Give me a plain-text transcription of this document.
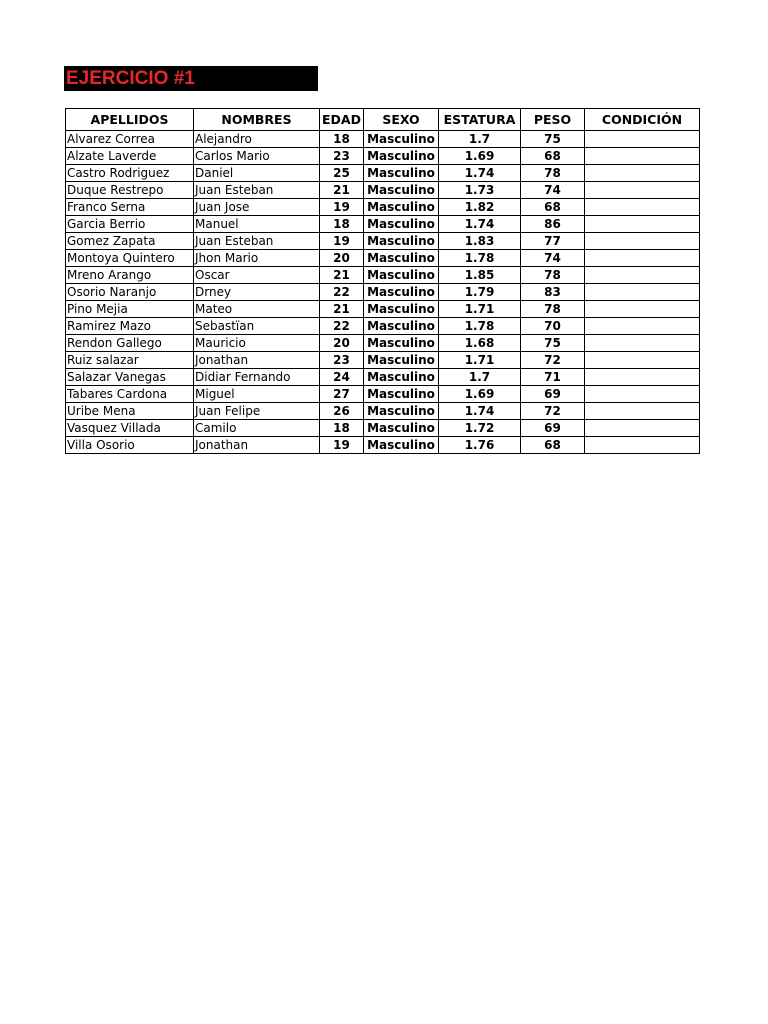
EJERCICIO #1
APELLIDOS	NOMBRES	EDAD	SEXO	ESTATURA	PESO	CONDICIÓN
Alvarez Correa	Alejandro	18	Masculino	1.7	75	
Alzate Laverde	Carlos Mario	23	Masculino	1.69	68	
Castro Rodriguez	Daniel	25	Masculino	1.74	78	
Duque Restrepo	Juan Esteban	21	Masculino	1.73	74	
Franco Serna	Juan Jose	19	Masculino	1.82	68	
Garcia Berrio	Manuel	18	Masculino	1.74	86	
Gomez Zapata	Juan Esteban	19	Masculino	1.83	77	
Montoya Quintero	Jhon Mario	20	Masculino	1.78	74	
Mreno Arango	Oscar	21	Masculino	1.85	78	
Osorio Naranjo	Drney	22	Masculino	1.79	83	
Pino Mejia	Mateo	21	Masculino	1.71	78	
Ramirez Mazo	Sebastïan	22	Masculino	1.78	70	
Rendon Gallego	Mauricio	20	Masculino	1.68	75	
Ruiz salazar	Jonathan	23	Masculino	1.71	72	
Salazar Vanegas	Didiar Fernando	24	Masculino	1.7	71	
Tabares Cardona	Miguel	27	Masculino	1.69	69	
Uribe Mena	Juan Felipe	26	Masculino	1.74	72	
Vasquez Villada	Camilo	18	Masculino	1.72	69	
Villa Osorio	Jonathan	19	Masculino	1.76	68	
